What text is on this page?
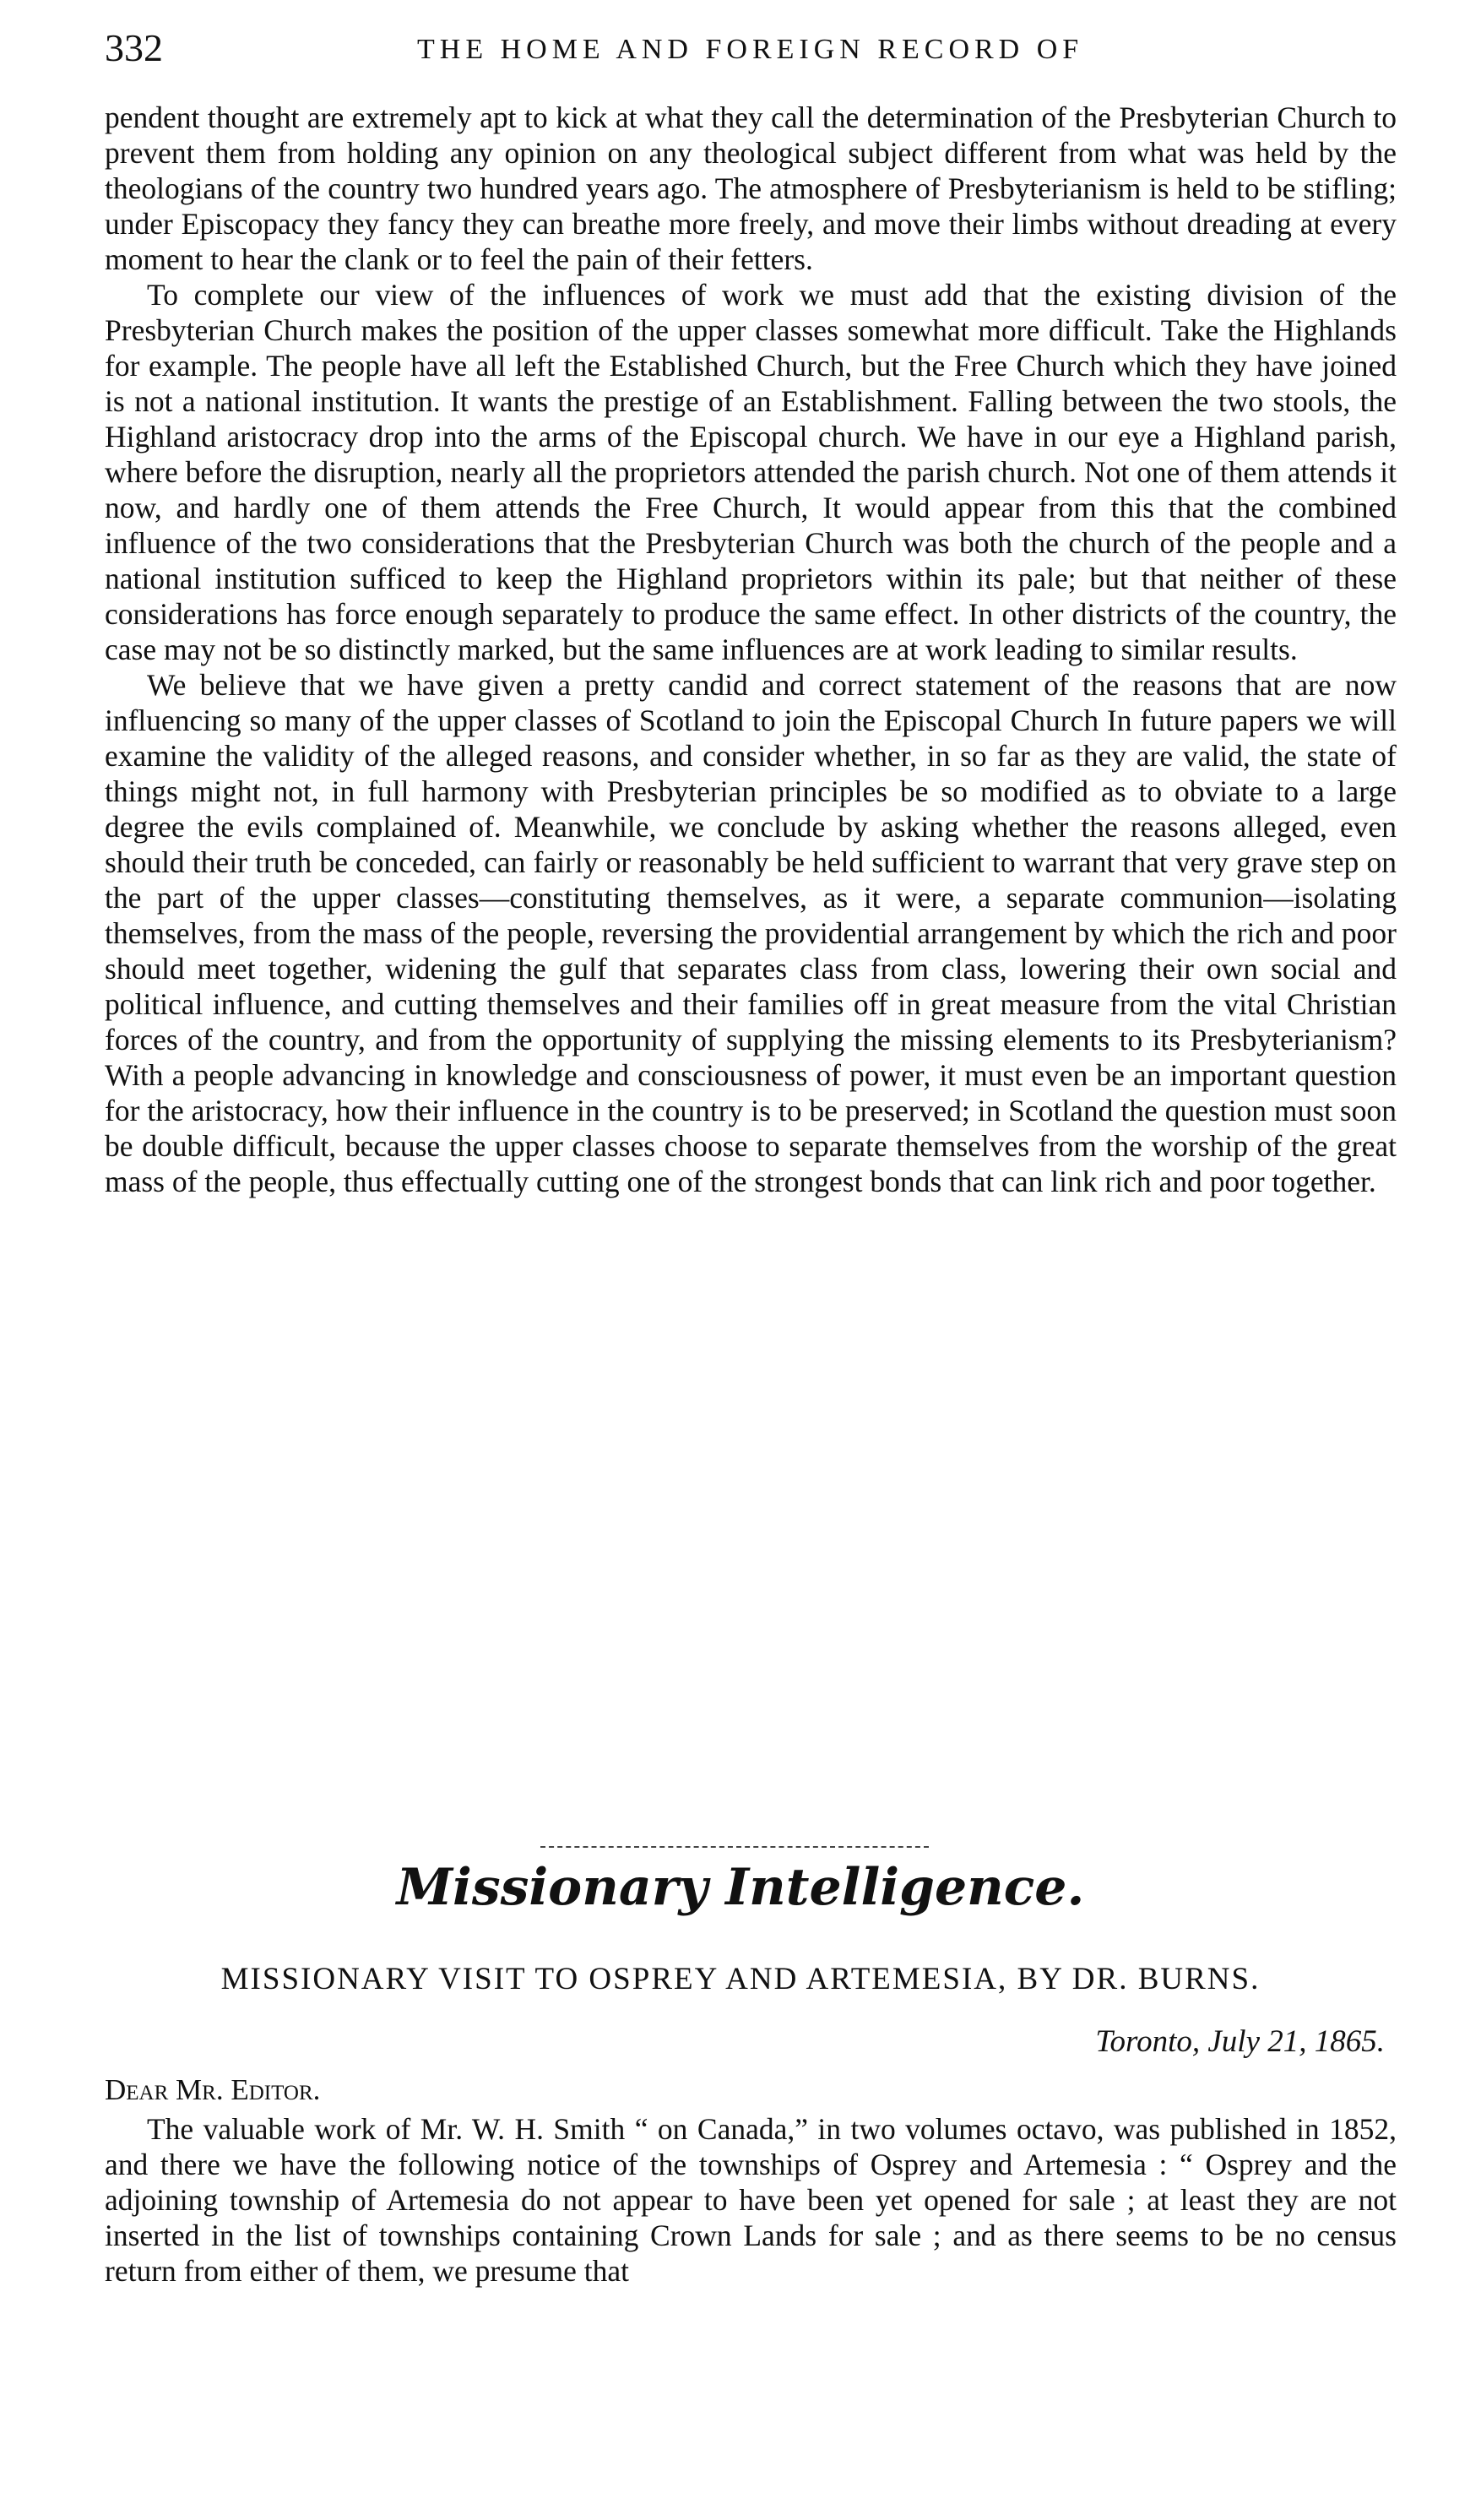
332	THE HOME AND FOREIGN RECORD OF

pendent thought are extremely apt to kick at what they call the determination of the Presbyterian Church to prevent them from holding any opinion on any theological subject different from what was held by the theologians of the country two hundred years ago. The atmosphere of Presbyterianism is held to be stifling; under Episcopacy they fancy they can breathe more freely, and move their limbs without dreading at every moment to hear the clank or to feel the pain of their fetters.

To complete our view of the influences of work we must add that the existing division of the Presbyterian Church makes the position of the upper classes somewhat more difficult. Take the Highlands for example. The people have all left the Established Church, but the Free Church which they have joined is not a national institution. It wants the prestige of an Establishment. Falling between the two stools, the Highland aristocracy drop into the arms of the Episcopal church. We have in our eye a Highland parish, where before the disruption, nearly all the proprietors attended the parish church. Not one of them attends it now, and hardly one of them attends the Free Church, It would appear from this that the combined influence of the two considerations that the Presbyterian Church was both the church of the people and a national institution sufficed to keep the Highland proprietors within its pale; but that neither of these considerations has force enough separately to produce the same effect. In other districts of the country, the case may not be so distinctly marked, but the same influences are at work leading to similar results.

We believe that we have given a pretty candid and correct statement of the reasons that are now influencing so many of the upper classes of Scotland to join the Episcopal Church In future papers we will examine the validity of the alleged reasons, and consider whether, in so far as they are valid, the state of things might not, in full harmony with Presbyterian principles be so modified as to obviate to a large degree the evils complained of. Meanwhile, we conclude by asking whether the reasons alleged, even should their truth be conceded, can fairly or reasonably be held sufficient to warrant that very grave step on the part of the upper classes—constituting themselves, as it were, a separate communion—isolating themselves, from the mass of the people, reversing the providential arrangement by which the rich and poor should meet together, widening the gulf that separates class from class, lowering their own social and political influence, and cutting themselves and their families off in great measure from the vital Christian forces of the country, and from the opportunity of supplying the missing elements to its Presbyterianism? With a people advancing in knowledge and consciousness of power, it must even be an important question for the aristocracy, how their influence in the country is to be preserved; in Scotland the question must soon be double difficult, because the upper classes choose to separate themselves from the worship of the great mass of the people, thus effectually cutting one of the strongest bonds that can link rich and poor together.

Missionary Intelligence.
MISSIONARY VISIT TO OSPREY AND ARTEMESIA, BY DR. BURNS.
Toronto, July 21, 1865.
Dear Mr. Editor.

The valuable work of Mr. W. H. Smith “ on Canada,” in two volumes octavo, was published in 1852, and there we have the following notice of the townships of Osprey and Artemesia : “ Osprey and the adjoining township of Artemesia do not appear to have been yet opened for sale ; at least they are not inserted in the list of townships containing Crown Lands for sale ; and as there seems to be no census return from either of them, we presume that
